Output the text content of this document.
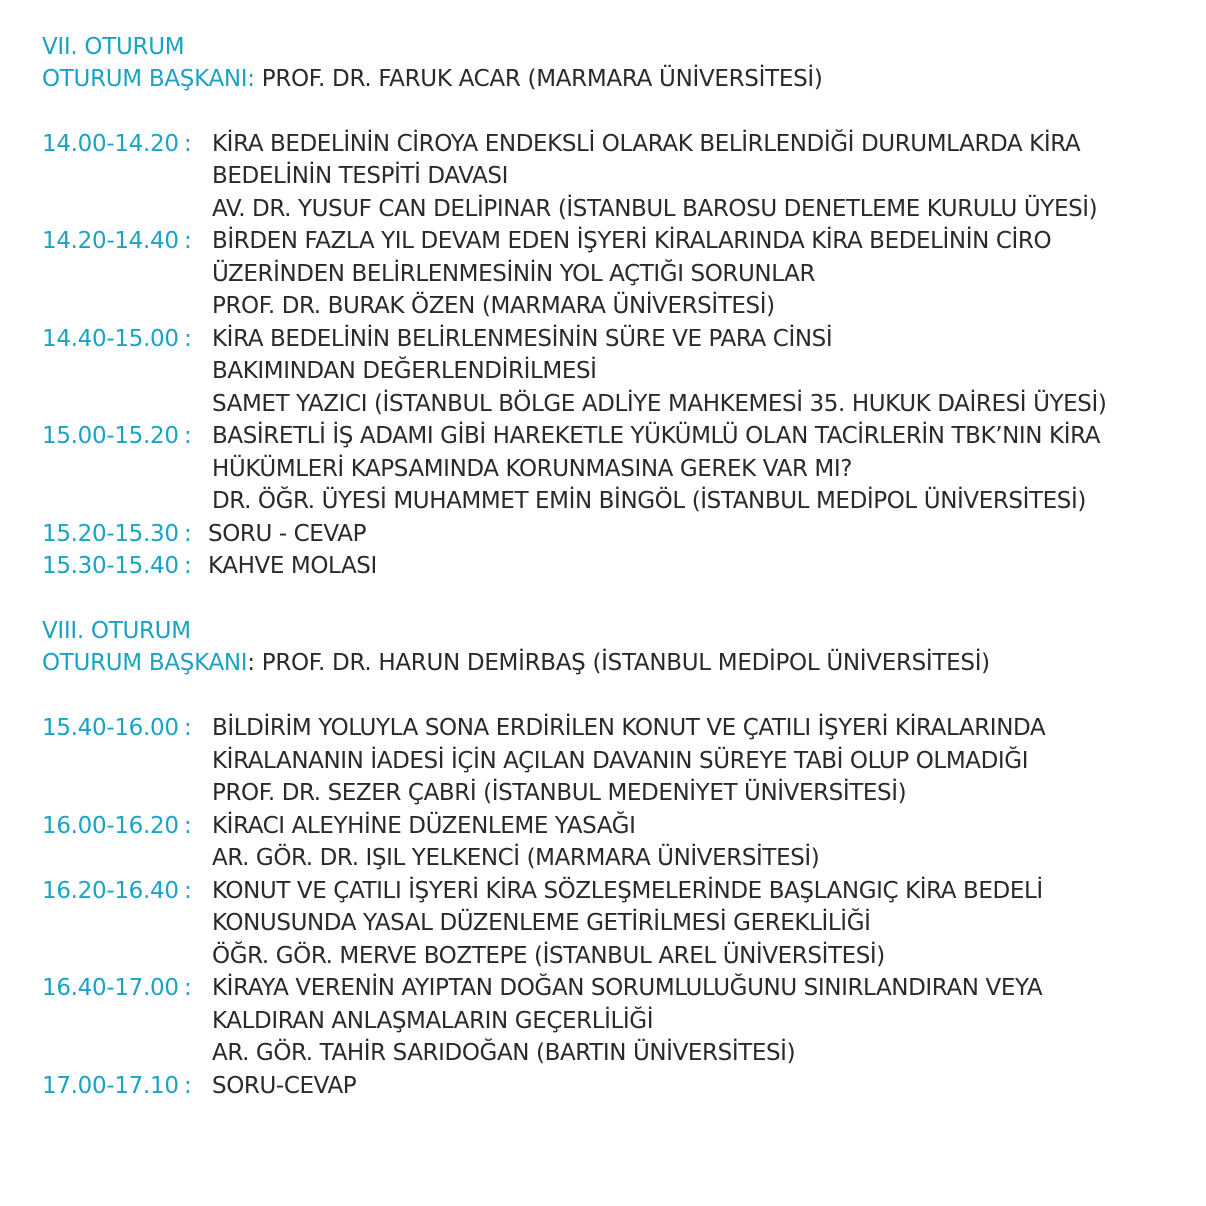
VII. OTURUM
OTURUM BAŞKANI: PROF. DR. FARUK ACAR (MARMARA ÜNİVERSİTESİ)
14.00-14.20 : KİRA BEDELİNİN CİROYA ENDEKSLİ OLARAK BELİRLENDİĞİ DURUMLARDA KİRA
BEDELİNİN TESPİTİ DAVASI
AV. DR. YUSUF CAN DELİPINAR (İSTANBUL BAROSU DENETLEME KURULU ÜYESİ)
14.20-14.40 : BİRDEN FAZLA YIL DEVAM EDEN İŞYERİ KİRALARINDA KİRA BEDELİNİN CİRO
ÜZERİNDEN BELİRLENMESİNİN YOL AÇTIĞI SORUNLAR
PROF. DR. BURAK ÖZEN (MARMARA ÜNİVERSİTESİ)
14.40-15.00 : KİRA BEDELİNİN BELİRLENMESİNİN SÜRE VE PARA CİNSİ
BAKIMINDAN DEĞERLENDİRİLMESİ
SAMET YAZICI (İSTANBUL BÖLGE ADLİYE MAHKEMESİ 35. HUKUK DAİRESİ ÜYESİ)
15.00-15.20 : BASİRETLİ İŞ ADAMI GİBİ HAREKETLE YÜKÜMLÜ OLAN TACİRLERİN TBK’NIN KİRA
HÜKÜMLERİ KAPSAMINDA KORUNMASINA GEREK VAR MI?
DR. ÖĞR. ÜYESİ MUHAMMET EMİN BİNGÖL (İSTANBUL MEDİPOL ÜNİVERSİTESİ)
15.20-15.30 : SORU - CEVAP
15.30-15.40 : KAHVE MOLASI
VIII. OTURUM
OTURUM BAŞKANI: PROF. DR. HARUN DEMİRBAŞ (İSTANBUL MEDİPOL ÜNİVERSİTESİ)
15.40-16.00 : BİLDİRİM YOLUYLA SONA ERDİRİLEN KONUT VE ÇATILI İŞYERİ KİRALARINDA
KİRALANANIN İADESİ İÇİN AÇILAN DAVANIN SÜREYE TABİ OLUP OLMADIĞI
PROF. DR. SEZER ÇABRİ (İSTANBUL MEDENİYET ÜNİVERSİTESİ)
16.00-16.20 : KİRACI ALEYHİNE DÜZENLEME YASAĞI
AR. GÖR. DR. IŞIL YELKENCİ (MARMARA ÜNİVERSİTESİ)
16.20-16.40 : KONUT VE ÇATILI İŞYERİ KİRA SÖZLEŞMELERİNDE BAŞLANGIÇ KİRA BEDELİ
KONUSUNDA YASAL DÜZENLEME GETİRİLMESİ GEREKLİLİĞİ
ÖĞR. GÖR. MERVE BOZTEPE (İSTANBUL AREL ÜNİVERSİTESİ)
16.40-17.00 : KİRAYA VERENİN AYIPTAN DOĞAN SORUMLULUĞUNU SINIRLANDIRAN VEYA
KALDIRAN ANLAŞMALARIN GEÇERLİLİĞİ
AR. GÖR. TAHİR SARIDOĞAN (BARTIN ÜNİVERSİTESİ)
17.00-17.10 : SORU-CEVAP
